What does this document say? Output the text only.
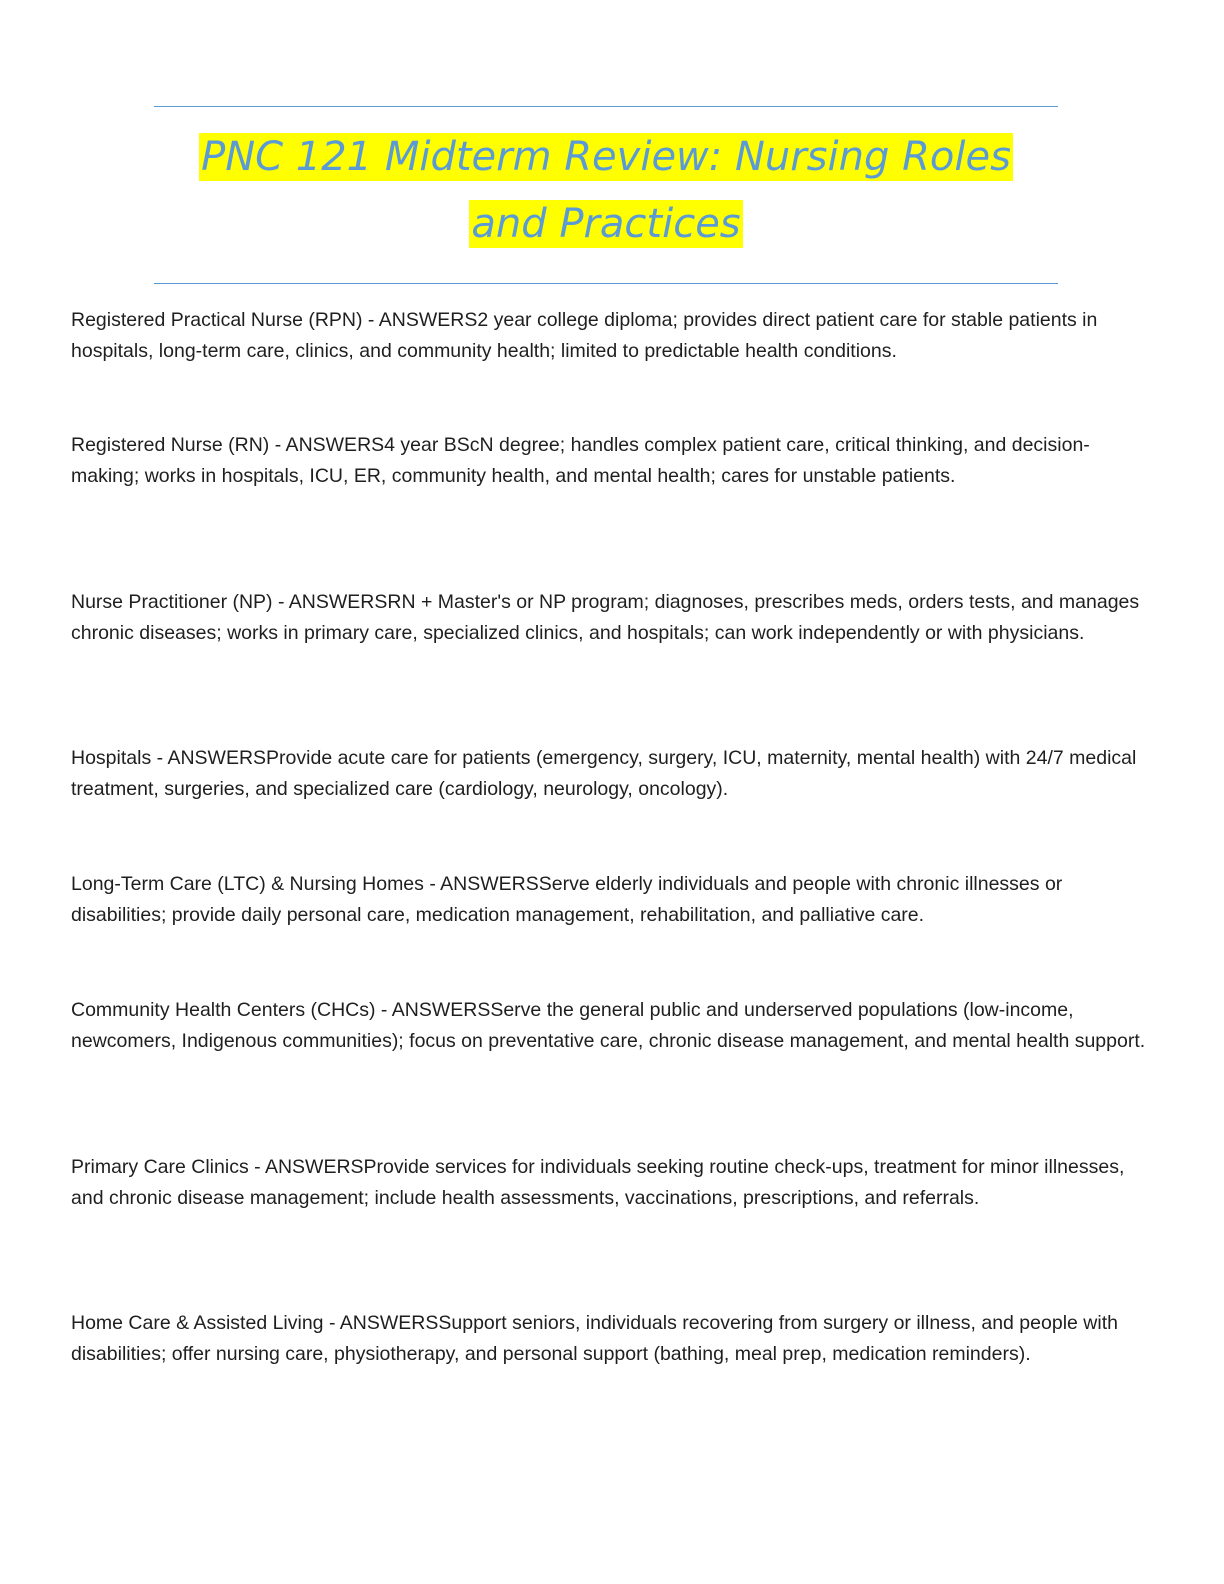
PNC 121 Midterm Review: Nursing Roles
and Practices

Registered Practical Nurse (RPN) - ANSWERS2 year college diploma; provides direct patient care for stable patients in hospitals, long-term care, clinics, and community health; limited to predictable health conditions.

Registered Nurse (RN) - ANSWERS4 year BScN degree; handles complex patient care, critical thinking, and decision-making; works in hospitals, ICU, ER, community health, and mental health; cares for unstable patients.

Nurse Practitioner (NP) - ANSWERSRN + Master's or NP program; diagnoses, prescribes meds, orders tests, and manages chronic diseases; works in primary care, specialized clinics, and hospitals; can work independently or with physicians.

Hospitals - ANSWERSProvide acute care for patients (emergency, surgery, ICU, maternity, mental health) with 24/7 medical treatment, surgeries, and specialized care (cardiology, neurology, oncology).

Long-Term Care (LTC) & Nursing Homes - ANSWERSServe elderly individuals and people with chronic illnesses or disabilities; provide daily personal care, medication management, rehabilitation, and palliative care.

Community Health Centers (CHCs) - ANSWERSServe the general public and underserved populations (low-income, newcomers, Indigenous communities); focus on preventative care, chronic disease management, and mental health support.

Primary Care Clinics - ANSWERSProvide services for individuals seeking routine check-ups, treatment for minor illnesses, and chronic disease management; include health assessments, vaccinations, prescriptions, and referrals.

Home Care & Assisted Living - ANSWERSSupport seniors, individuals recovering from surgery or illness, and people with disabilities; offer nursing care, physiotherapy, and personal support (bathing, meal prep, medication reminders).
